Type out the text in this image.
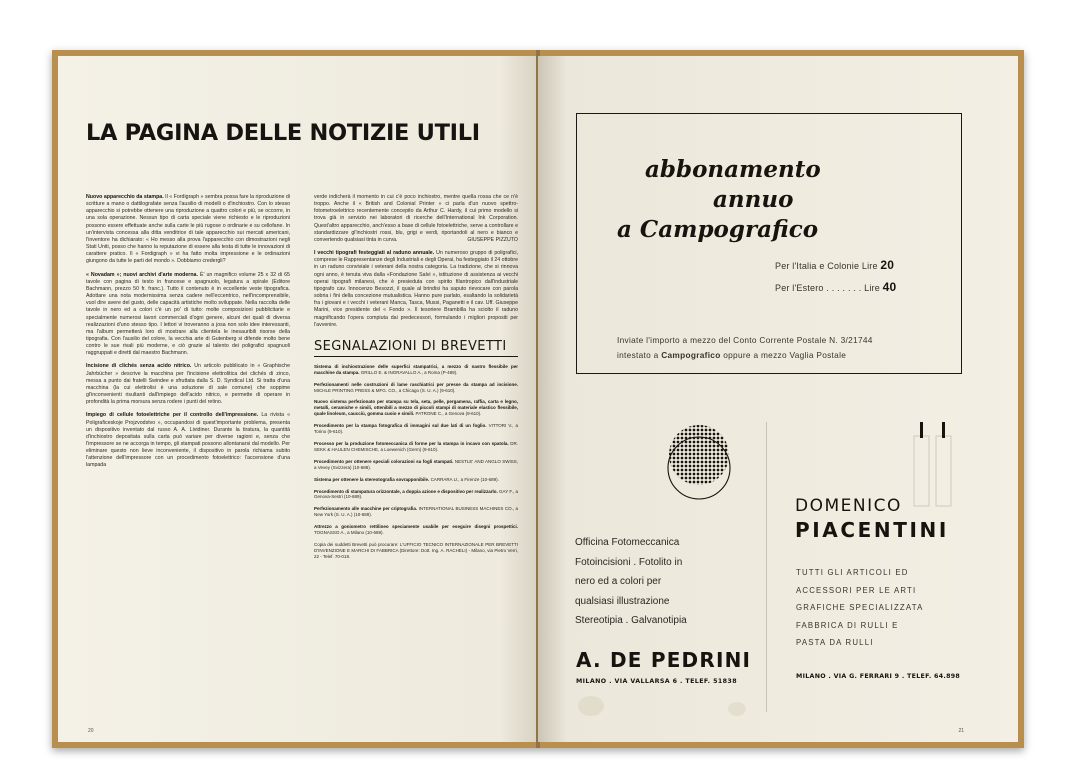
LA PAGINA DELLE NOTIZIE UTILI

Nuovo apparecchio da stampa. Il « Fordigraph » sembra possa fare la riproduzione di scritture a mano o dattilografate senza l'ausilio di modelli o d'inchiostro. Con lo stesso apparecchio si potrebbe ottenere una riproduzione a quattro colori e più, se occorre, in una sola operazione. Nessun tipo di carta speciale viene richiesto e le riproduzioni possono essere effettuate anche sulla carte le più rugose o ordinarie e su cellofane. In un'intervista concessa alla ditta venditrice di tale apparecchio sui mercati americani, l'inventore ha dichiarato: « Ho messo alla prova l'apparecchio con dimostrazioni negli Stati Uniti, posso che hanno la reputazione di essere alla testa di tutte le innovazioni di carattere pratico. Il « Fordigraph » vi ha fatto molta impressione e le ordinazioni giungono da tutte le parti del mondo ». Dobbiamo credergli?

« Novadam »; nuovi archivi d'arte moderna. È' un magnifico volume 25 x 32 di 65 tavole con pagina di testo in francese e spagnuolo, legatura a spirale (Editore Bachmann, prezzo 50 fr. franc.). Tutto il contenuto è in eccellente veste tipografica. Adottare una nota modernissima senza cadere nell'eccentrico, nell'incomprensibile, vuol dire avere del gusto, delle capacità artistiche molto sviluppate. Nella raccolta delle tavole in nero ed a colori c'è un po' di tutto: molte composizioni pubblicitarie e specialmente numerosi lavori commerciali d'ogni genere, alcuni dei quali di diversa realizzazioni d'uno stesso tipo. I lettori vi troveranno a josa non solo idee interessanti, ma l'album permetterà loro di mostrare alla clientela le inesauribili risorse della tipografia. Con l'ausilio del colore, la vecchia arte di Gutenberg si difende molto bene contro le sue rivali più moderne, e ciò grazie al talento dei poligrafici spagnuoli raggruppati e diretti dal maestro Bachmann.

Incisione di clichés senza acido nitrico. Un articolo pubblicato in « Graphische Jahrbücher » descrive la macchina per l'incisione elettrolitica dei clichés di zinco, messa a punto dai fratelli Swindee e sfruttata dalla S. D. Syndical Ltd. Si tratta d'una macchina (la cui elettrolisi è una soluzione di sale comune) che soppime gl'inconvenienti risultanti dall'impiego dell'acido nitrico, e permette di operare in profondità la prima morsura senza rodere i punti del retino.

Impiego di cellule fotoelettriche per il controllo dell'impressione. La rivista « Poligraficeskoje Projzvodstvo », occupandosi di quest'importante problema, presenta un dispositivo inventato dal russo A. A. Lividiner. Durante la tiratura, la quantità d'inchiostro depositata sulla carta può variare per diverse ragioni e, senza che l'impressore se ne accorga in tempo, gli stampati possono allontanarsi dal modello. Per eliminare questo non lieve inconveniente, il dispositivo in parola richiama subito l'attenzione dell'impressore con un procedimento fotoelettrico: l'accensione d'una lampada

verde indicherà il momento in cui c'è poco inchiostro, mentre quella rossa che ce n'è troppo. Anche il « British and Colonial Printer » ci parla d'un nuovo spettro-fotometroelettrico recentemente concepito da Arthur C. Hardy, il cui primo modello si trova già in servizio nei laboratori di ricerche dell'International Ink Corporation. Quest'altro apparecchio, anch'esso a base di cellule fotoelettriche, serve a controllare e standardizzare gl'inchiostri rossi, blu, grigi e verdi, riportandoli al nero e bianco e convertendo qualsiasi tinta in curva.	GIUSEPPE PIZZUTO

I vecchi tipografi festeggiati al raduno annuale. Un numeroso gruppo di poligrafici, comprese le Rappresentanze degli Industriali e degli Operai, ha festeggiato il 24 ottobre in un raduno conviviale i veterani della nostra categoria. La tradizione, che si rinnova ogni anno, è tenuta viva dalla «Fondazione Salvi », istituzione di assistenza ai vecchi operai tipografi milanesi, che è presieduta con spirito filantropico dall'industriale tipografo cav. Innocenzo Besozzi, il quale al brindisi ha saputo rievocare con parola sobria i fini della concezione mutualistica. Hanno pure parlato, esaltando la solidarietà fra i giovani e i vecchi i veterani Manca, Tasca, Mussi, Paganetti e il cav. Uff. Giuseppe Marini, vice presidente del « Fondo ». Il tesoriere Brambilla ha sciolto il raduno magnificando l'opera compiuta dai predecessori, formulando i migliori propositi per l'avvenire.

SEGNALAZIONI DI BREVETTI

Sistema di inchiostrazione delle superfici stampatrici, a mezzo di nastro flessibile per macchine da stampa. GRILLO E. & INGRAVALLO A., a Roma (P-489).

Perfezionamenti nelle costruzioni di lame raschiatrici per presse da stampa ad incisione. MICHLE PRINTING PRESS & MFG. CO., a Chicago (S. U. A.) (9-610).

Nuovo sistema perfezionato per stampa su tela, seta, pelle, pergamena, raffia, carta e legno, metalli, ceramiche e simili, ottenibili a mezzo di piccoli stampi di materiale elastico flessibile, quale linoleum, caucciù, gomma cuoio e simili. PATRONE C., a Genova (9-610).

Procedimento per la stampa fotografica di immagini sul due lati di un foglio. VITTORI V., a Torino (9-610).

Processo per la produzione fotomeccanica di forme per la stampa in incavo con spatola. DR. SEKK & HAULEN CHEMISCHE, a Loewenich (Germ) (9-610).

Procedimento per ottenere speciali colorazioni su fogli stampati. NESTLE' AND ANGLO SWISS, a Vevey (Svizzera) (10-688).

Sistema per ottenere la stereotografia sovrapponibile. CARRARA U., a Firenze (10-689).

Procedimento di stampatura orizzontale, a doppia azione e dispositivo per realizzarlo. GAY F., a Genova-Sestri (10-689).

Perfezionamento alle macchine per criptografia. INTERNATIONAL BUSINESS MACHINES CO., a New York (S. U. A.) (10-689).

Attrezzo a goniometro rettilineo speciamente usabile per eseguire disegni prospettici. TOGNASSO A., a Milano (10-689).

Copia dei suddetti Brevetti può procurare: L'UFFICIO TECNICO INTERNAZIONALE PER BREVETTI D'INVENZIONE E MARCHI DI FABBRICA (Direttore: Dott. Ing. A. RACHELI) - Milano, via Pietro Verri, 22 - Telef. 70-018.

20
abbonamento
annuo
a Campografico
Per l'Italia e Colonie Lire 20
Per l'Estero . . . . . . . Lire 40
Inviate l'importo a mezzo del Conto Corrente Postale N. 3/21744
intestato a Campografico oppure a mezzo Vaglia Postale
Officina Fotomeccanica
Fotoincisioni . Fotolito in
nero ed a colori per
qualsiasi illustrazione
Stereotipia . Galvanotipia
A. DE PEDRINI
MILANO . VIA VALLARSA 6 . TELEF. 51838
DOMENICO
PIACENTINI
TUTTI GLI ARTICOLI ED
ACCESSORI PER LE ARTI
GRAFICHE SPECIALIZZATA
FABBRICA DI RULLI E
PASTA DA RULLI
MILANO . VIA G. FERRARI 9 . TELEF. 64.898
21
